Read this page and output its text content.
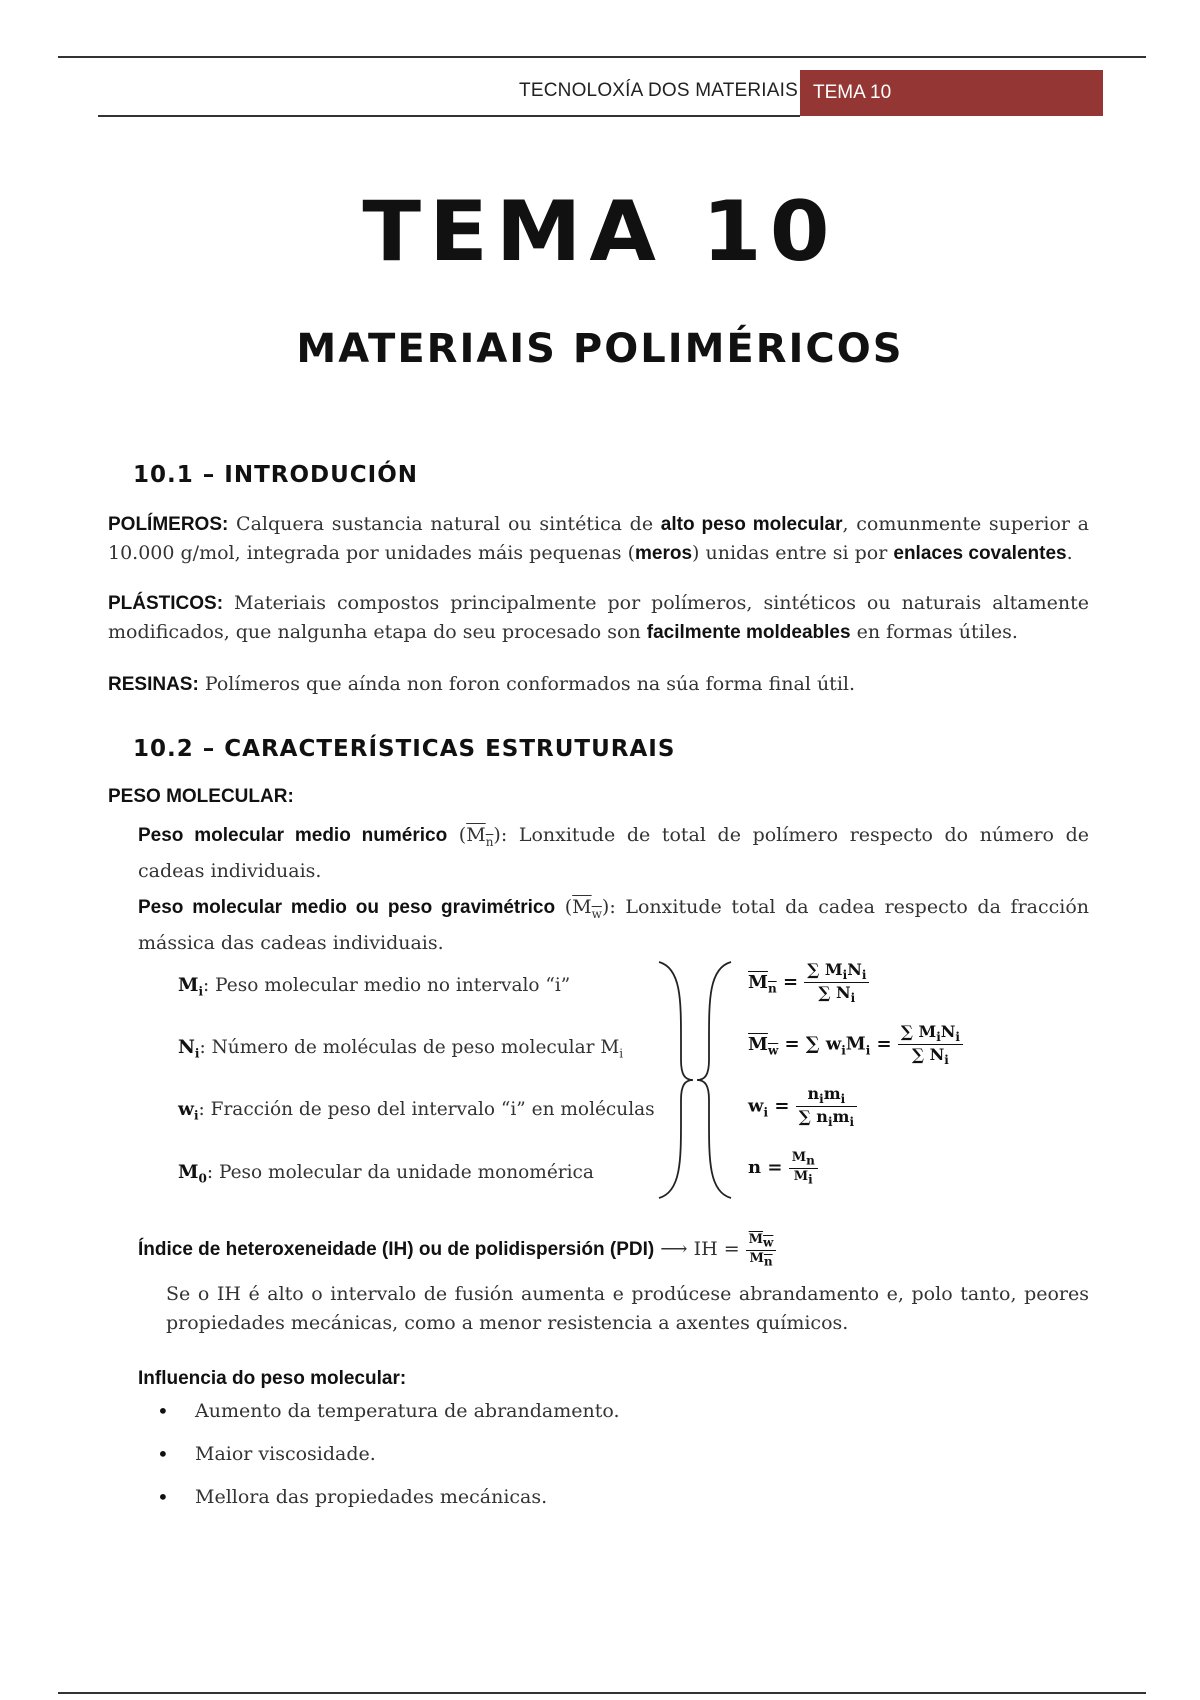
TECNOLOXÍA DOS MATERIAIS TEMA 10
TEMA 10
MATERIAIS POLIMÉRICOS
10.1 – INTRODUCIÓN
POLÍMEROS: Calquera sustancia natural ou sintética de alto peso molecular, comunmente superior a 10.000 g/mol, integrada por unidades máis pequenas (meros) unidas entre si por enlaces covalentes.
PLÁSTICOS: Materiais compostos principalmente por polímeros, sintéticos ou naturais altamente modificados, que nalgunha etapa do seu procesado son facilmente moldeables en formas útiles.
RESINAS: Polímeros que aínda non foron conformados na súa forma final útil.
10.2 – CARACTERÍSTICAS ESTRUTURAIS
PESO MOLECULAR:
Peso molecular medio numérico $(M_n)$: Lonxitude de total de polímero respecto do número de cadeas individuais.
Peso molecular medio ou peso gravimétrico $(M_w)$: Lonxitude total da cadea respecto da fracción mássica das cadeas individuais.
$M_i$: Peso molecular medio no intervalo “i”
$N_i$: Número de moléculas de peso molecular $M_i$
$w_i$: Fracción de peso del intervalo “i” en moléculas
$M_0$: Peso molecular da unidade monomérica
$M_n = \frac{\sum M_iN_i}{\sum N_i}$
$M_w$ = ∑ $w_iM_i = \frac{\sum M_iN_i}{\sum N_i}$
$w_i = \frac{n_im_i}{\sum n_im_i}$
$n = \frac{M_n}{M_i}$
Índice de heteroxeneidade (IH) ou de polidispersión (PDI) ⟶ IH = $\frac{M_w}{M_n}$
Se o IH é alto o intervalo de fusión aumenta e prodúcese abrandamento e, polo tanto, peores propiedades mecánicas, como a menor resistencia a axentes químicos.
Influencia do peso molecular:
• Aumento da temperatura de abrandamento.
• Maior viscosidade.
• Mellora das propiedades mecánicas.
